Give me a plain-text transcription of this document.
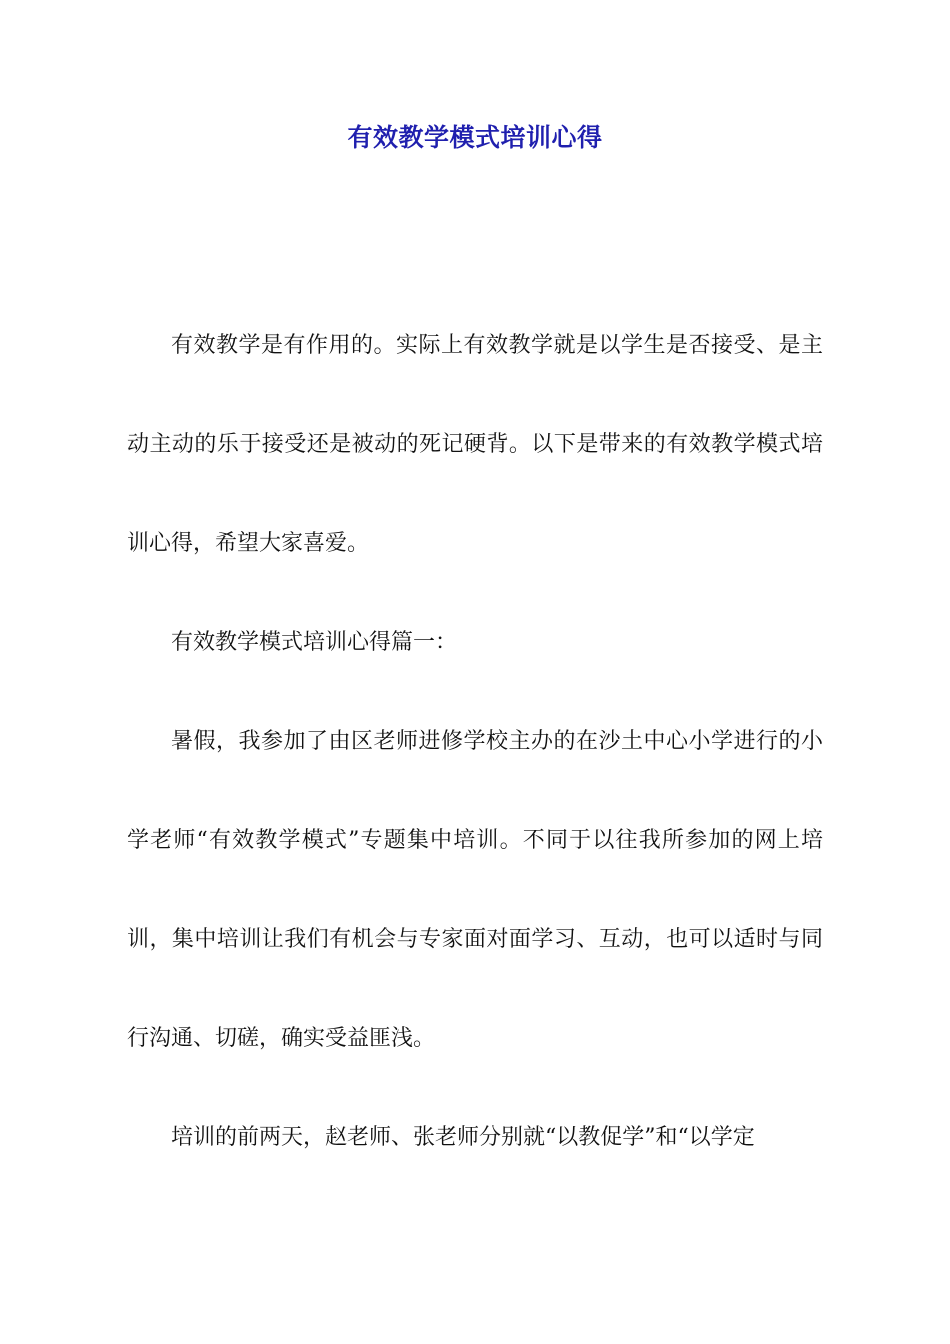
有效教学模式培训心得

有效教学是有作用的。实际上有效教学就是以学生是否接受、是主动主动的乐于接受还是被动的死记硬背。以下是带来的有效教学模式培训心得，希望大家喜爱。

有效教学模式培训心得篇一：

暑假，我参加了由区老师进修学校主办的在沙土中心小学进行的小学老师“有效教学模式”专题集中培训。不同于以往我所参加的网上培训，集中培训让我们有机会与专家面对面学习、互动，也可以适时与同行沟通、切磋，确实受益匪浅。

培训的前两天，赵老师、张老师分别就“以教促学”和“以学定
